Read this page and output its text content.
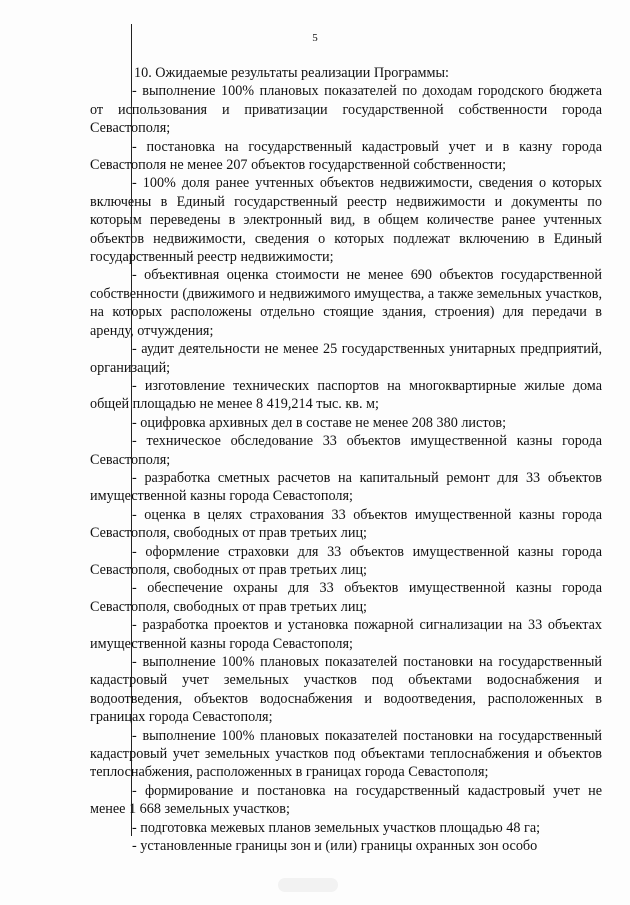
5

10. Ожидаемые результаты реализации Программы:

- выполнение 100% плановых показателей по доходам городского бюджета от использования и приватизации государственной собственности города Севастополя;

- постановка на государственный кадастровый учет и в казну города Севастополя не менее 207 объектов государственной собственности;

- 100% доля ранее учтенных объектов недвижимости, сведения о которых включены в Единый государственный реестр недвижимости и документы по которым переведены в электронный вид, в общем количестве ранее учтенных объектов недвижимости, сведения о которых подлежат включению в Единый государственный реестр недвижимости;

- объективная оценка стоимости не менее 690 объектов государственной собственности (движимого и недвижимого имущества, а также земельных участков, на которых расположены отдельно стоящие здания, строения) для передачи в аренду, отчуждения;

- аудит деятельности не менее 25 государственных унитарных предприятий, организаций;

- изготовление технических паспортов на многоквартирные жилые дома общей площадью не менее 8 419,214 тыс. кв. м;

- оцифровка архивных дел в составе не менее 208 380 листов;

- техническое обследование 33 объектов имущественной казны города Севастополя;

- разработка сметных расчетов на капитальный ремонт для 33 объектов имущественной казны города Севастополя;

- оценка в целях страхования 33 объектов имущественной казны города Севастополя, свободных от прав третьих лиц;

- оформление страховки для 33 объектов имущественной казны города Севастополя, свободных от прав третьих лиц;

- обеспечение охраны для 33 объектов имущественной казны города Севастополя, свободных от прав третьих лиц;

- разработка проектов и установка пожарной сигнализации на 33 объектах имущественной казны города Севастополя;

- выполнение 100% плановых показателей постановки на государственный кадастровый учет земельных участков под объектами водоснабжения и водоотведения, объектов водоснабжения и водоотведения, расположенных в границах города Севастополя;

- выполнение 100% плановых показателей постановки на государственный кадастровый учет земельных участков под объектами теплоснабжения и объектов теплоснабжения, расположенных в границах города Севастополя;

- формирование и постановка на государственный кадастровый учет не менее 1 668 земельных участков;

- подготовка межевых планов земельных участков площадью 48 га;

- установленные границы зон и (или) границы охранных зон особо
